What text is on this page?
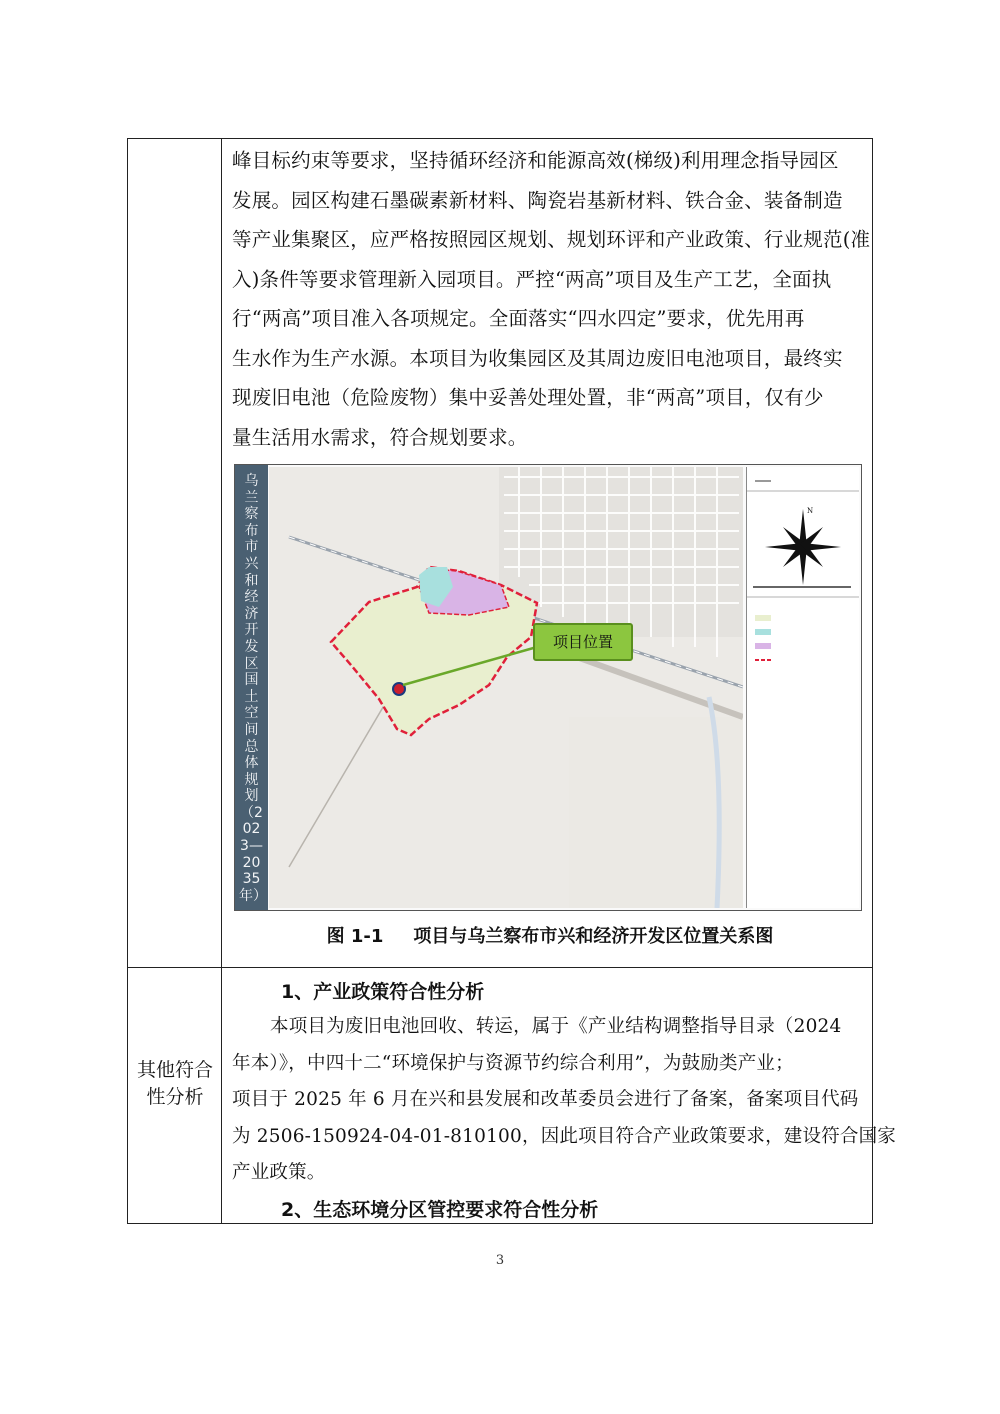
峰目标约束等要求，坚持循环经济和能源高效(梯级)利用理念指导园区
发展。园区构建石墨碳素新材料、陶瓷岩基新材料、铁合金、装备制造
等产业集聚区，应严格按照园区规划、规划环评和产业政策、行业规范(准
入)条件等要求管理新入园项目。严控“两高”项目及生产工艺，全面执
行“两高”项目准入各项规定。全面落实“四水四定”要求，优先用再
生水作为生产水源。本项目为收集园区及其周边废旧电池项目，最终实
现废旧电池（危险废物）集中妥善处理处置，非“两高”项目，仅有少
量生活用水需求，符合规划要求。
乌兰察布市兴和经济开发区国土空间总体规划（2023—2035年）
项目位置
N
图 1-1 项目与乌兰察布市兴和经济开发区位置关系图
其他符合性分析
1、产业政策符合性分析
本项目为废旧电池回收、转运，属于《产业结构调整指导目录（2024
年本）》，中四十二“环境保护与资源节约综合利用”，为鼓励类产业；
项目于 2025 年 6 月在兴和县发展和改革委员会进行了备案，备案项目代码
为 2506-150924-04-01-810100，因此项目符合产业政策要求，建设符合国家
产业政策。
2、生态环境分区管控要求符合性分析
3
